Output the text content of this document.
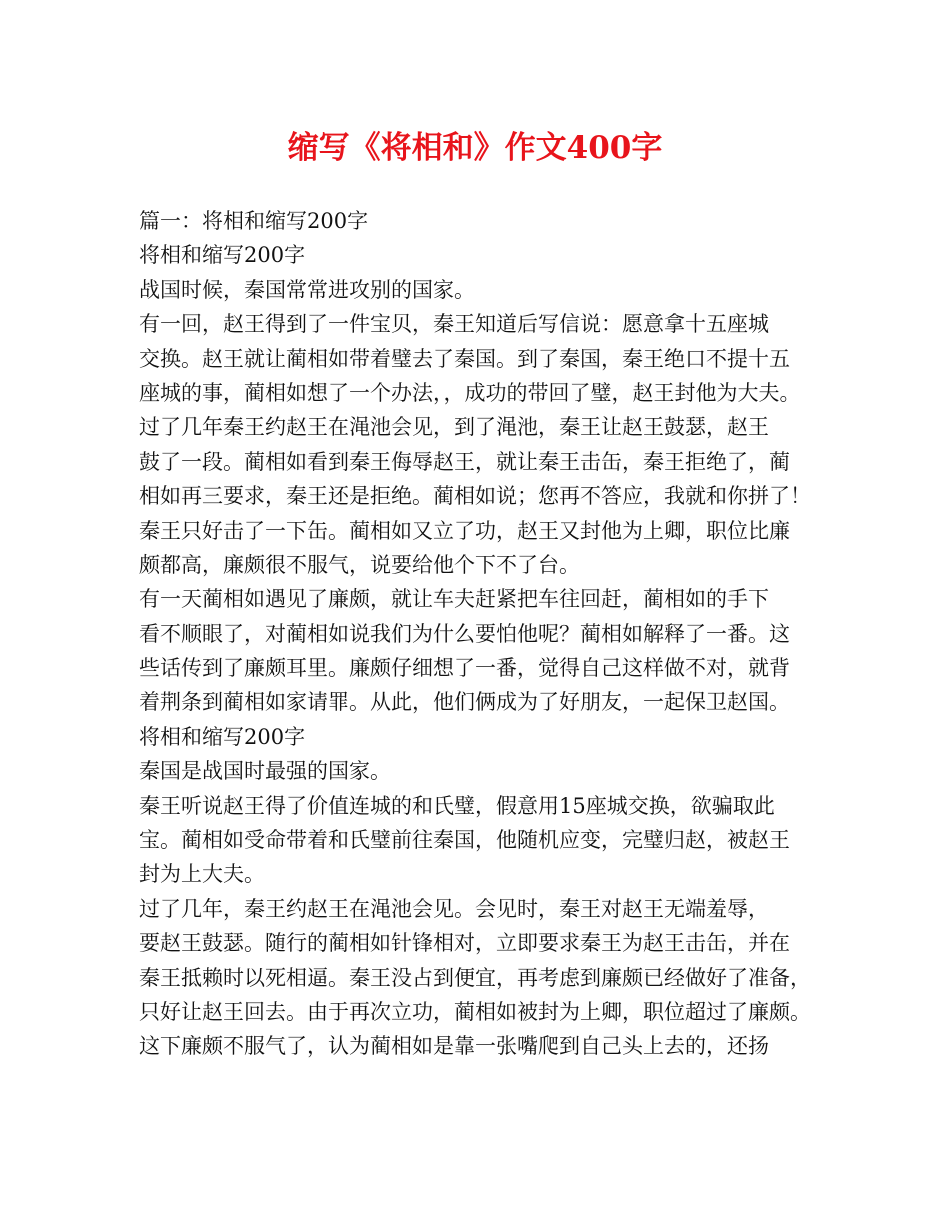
缩写《将相和》作文400字
篇一：将相和缩写200字
将相和缩写200字
战国时候，秦国常常进攻别的国家。
有一回，赵王得到了一件宝贝，秦王知道后写信说：愿意拿十五座城
交换。赵王就让蔺相如带着璧去了秦国。到了秦国，秦王绝口不提十五
座城的事，蔺相如想了一个办法，，成功的带回了璧，赵王封他为大夫。
过了几年秦王约赵王在渑池会见，到了渑池，秦王让赵王鼓瑟，赵王
鼓了一段。蔺相如看到秦王侮辱赵王，就让秦王击缶，秦王拒绝了，蔺
相如再三要求，秦王还是拒绝。蔺相如说；您再不答应，我就和你拼了！
秦王只好击了一下缶。蔺相如又立了功，赵王又封他为上卿，职位比廉
颇都高，廉颇很不服气，说要给他个下不了台。
有一天蔺相如遇见了廉颇，就让车夫赶紧把车往回赶，蔺相如的手下
看不顺眼了，对蔺相如说我们为什么要怕他呢？蔺相如解释了一番。这
些话传到了廉颇耳里。廉颇仔细想了一番，觉得自己这样做不对，就背
着荆条到蔺相如家请罪。从此，他们俩成为了好朋友，一起保卫赵国。
将相和缩写200字
秦国是战国时最强的国家。
秦王听说赵王得了价值连城的和氏璧，假意用15座城交换，欲骗取此
宝。蔺相如受命带着和氏璧前往秦国，他随机应变，完璧归赵，被赵王
封为上大夫。
过了几年，秦王约赵王在渑池会见。会见时，秦王对赵王无端羞辱，
要赵王鼓瑟。随行的蔺相如针锋相对，立即要求秦王为赵王击缶，并在
秦王抵赖时以死相逼。秦王没占到便宜，再考虑到廉颇已经做好了准备，
只好让赵王回去。由于再次立功，蔺相如被封为上卿，职位超过了廉颇。
这下廉颇不服气了，认为蔺相如是靠一张嘴爬到自己头上去的，还扬
